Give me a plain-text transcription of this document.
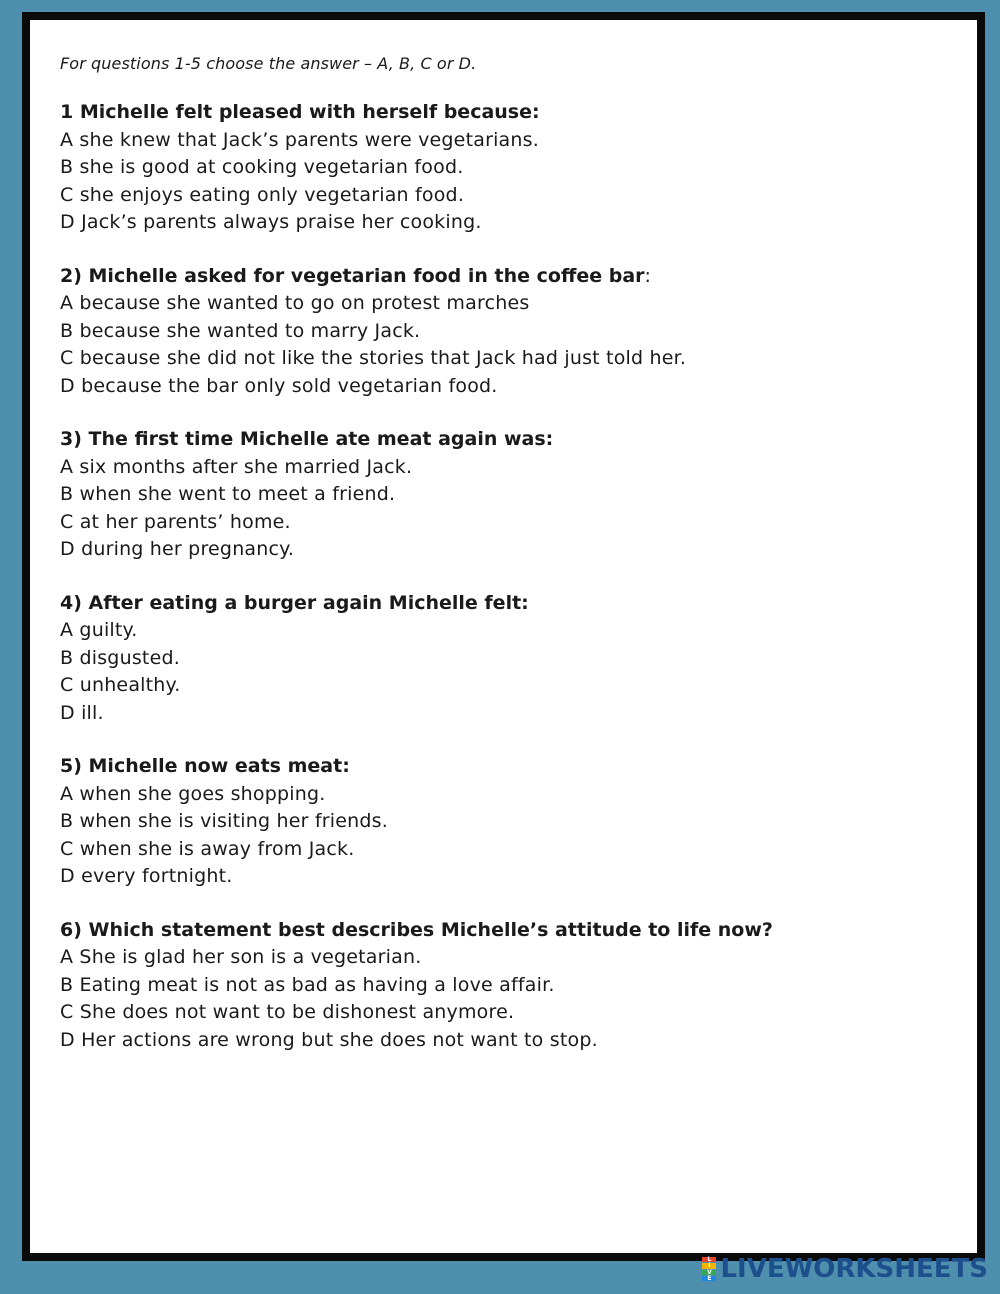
For questions 1-5 choose the answer – A, B, C or D.

1 Michelle felt pleased with herself because:

A she knew that Jack’s parents were vegetarians.

B she is good at cooking vegetarian food.

C she enjoys eating only vegetarian food.

D Jack’s parents always praise her cooking.

2) Michelle asked for vegetarian food in the coffee bar:

A because she wanted to go on protest marches

B because she wanted to marry Jack.

C because she did not like the stories that Jack had just told her.

D because the bar only sold vegetarian food.

3) The first time Michelle ate meat again was:

A six months after she married Jack.

B when she went to meet a friend.

C at her parents’ home.

D during her pregnancy.

4) After eating a burger again Michelle felt:

A guilty.

B disgusted.

C unhealthy.

D ill.

5) Michelle now eats meat:

A when she goes shopping.

B when she is visiting her friends.

C when she is away from Jack.

D every fortnight.

6) Which statement best describes Michelle’s attitude to life now?

A She is glad her son is a vegetarian.

B Eating meat is not as bad as having a love affair.

C She does not want to be dishonest anymore.

D Her actions are wrong but she does not want to stop.

L
I
V
E LIVEWORKSHEETS
